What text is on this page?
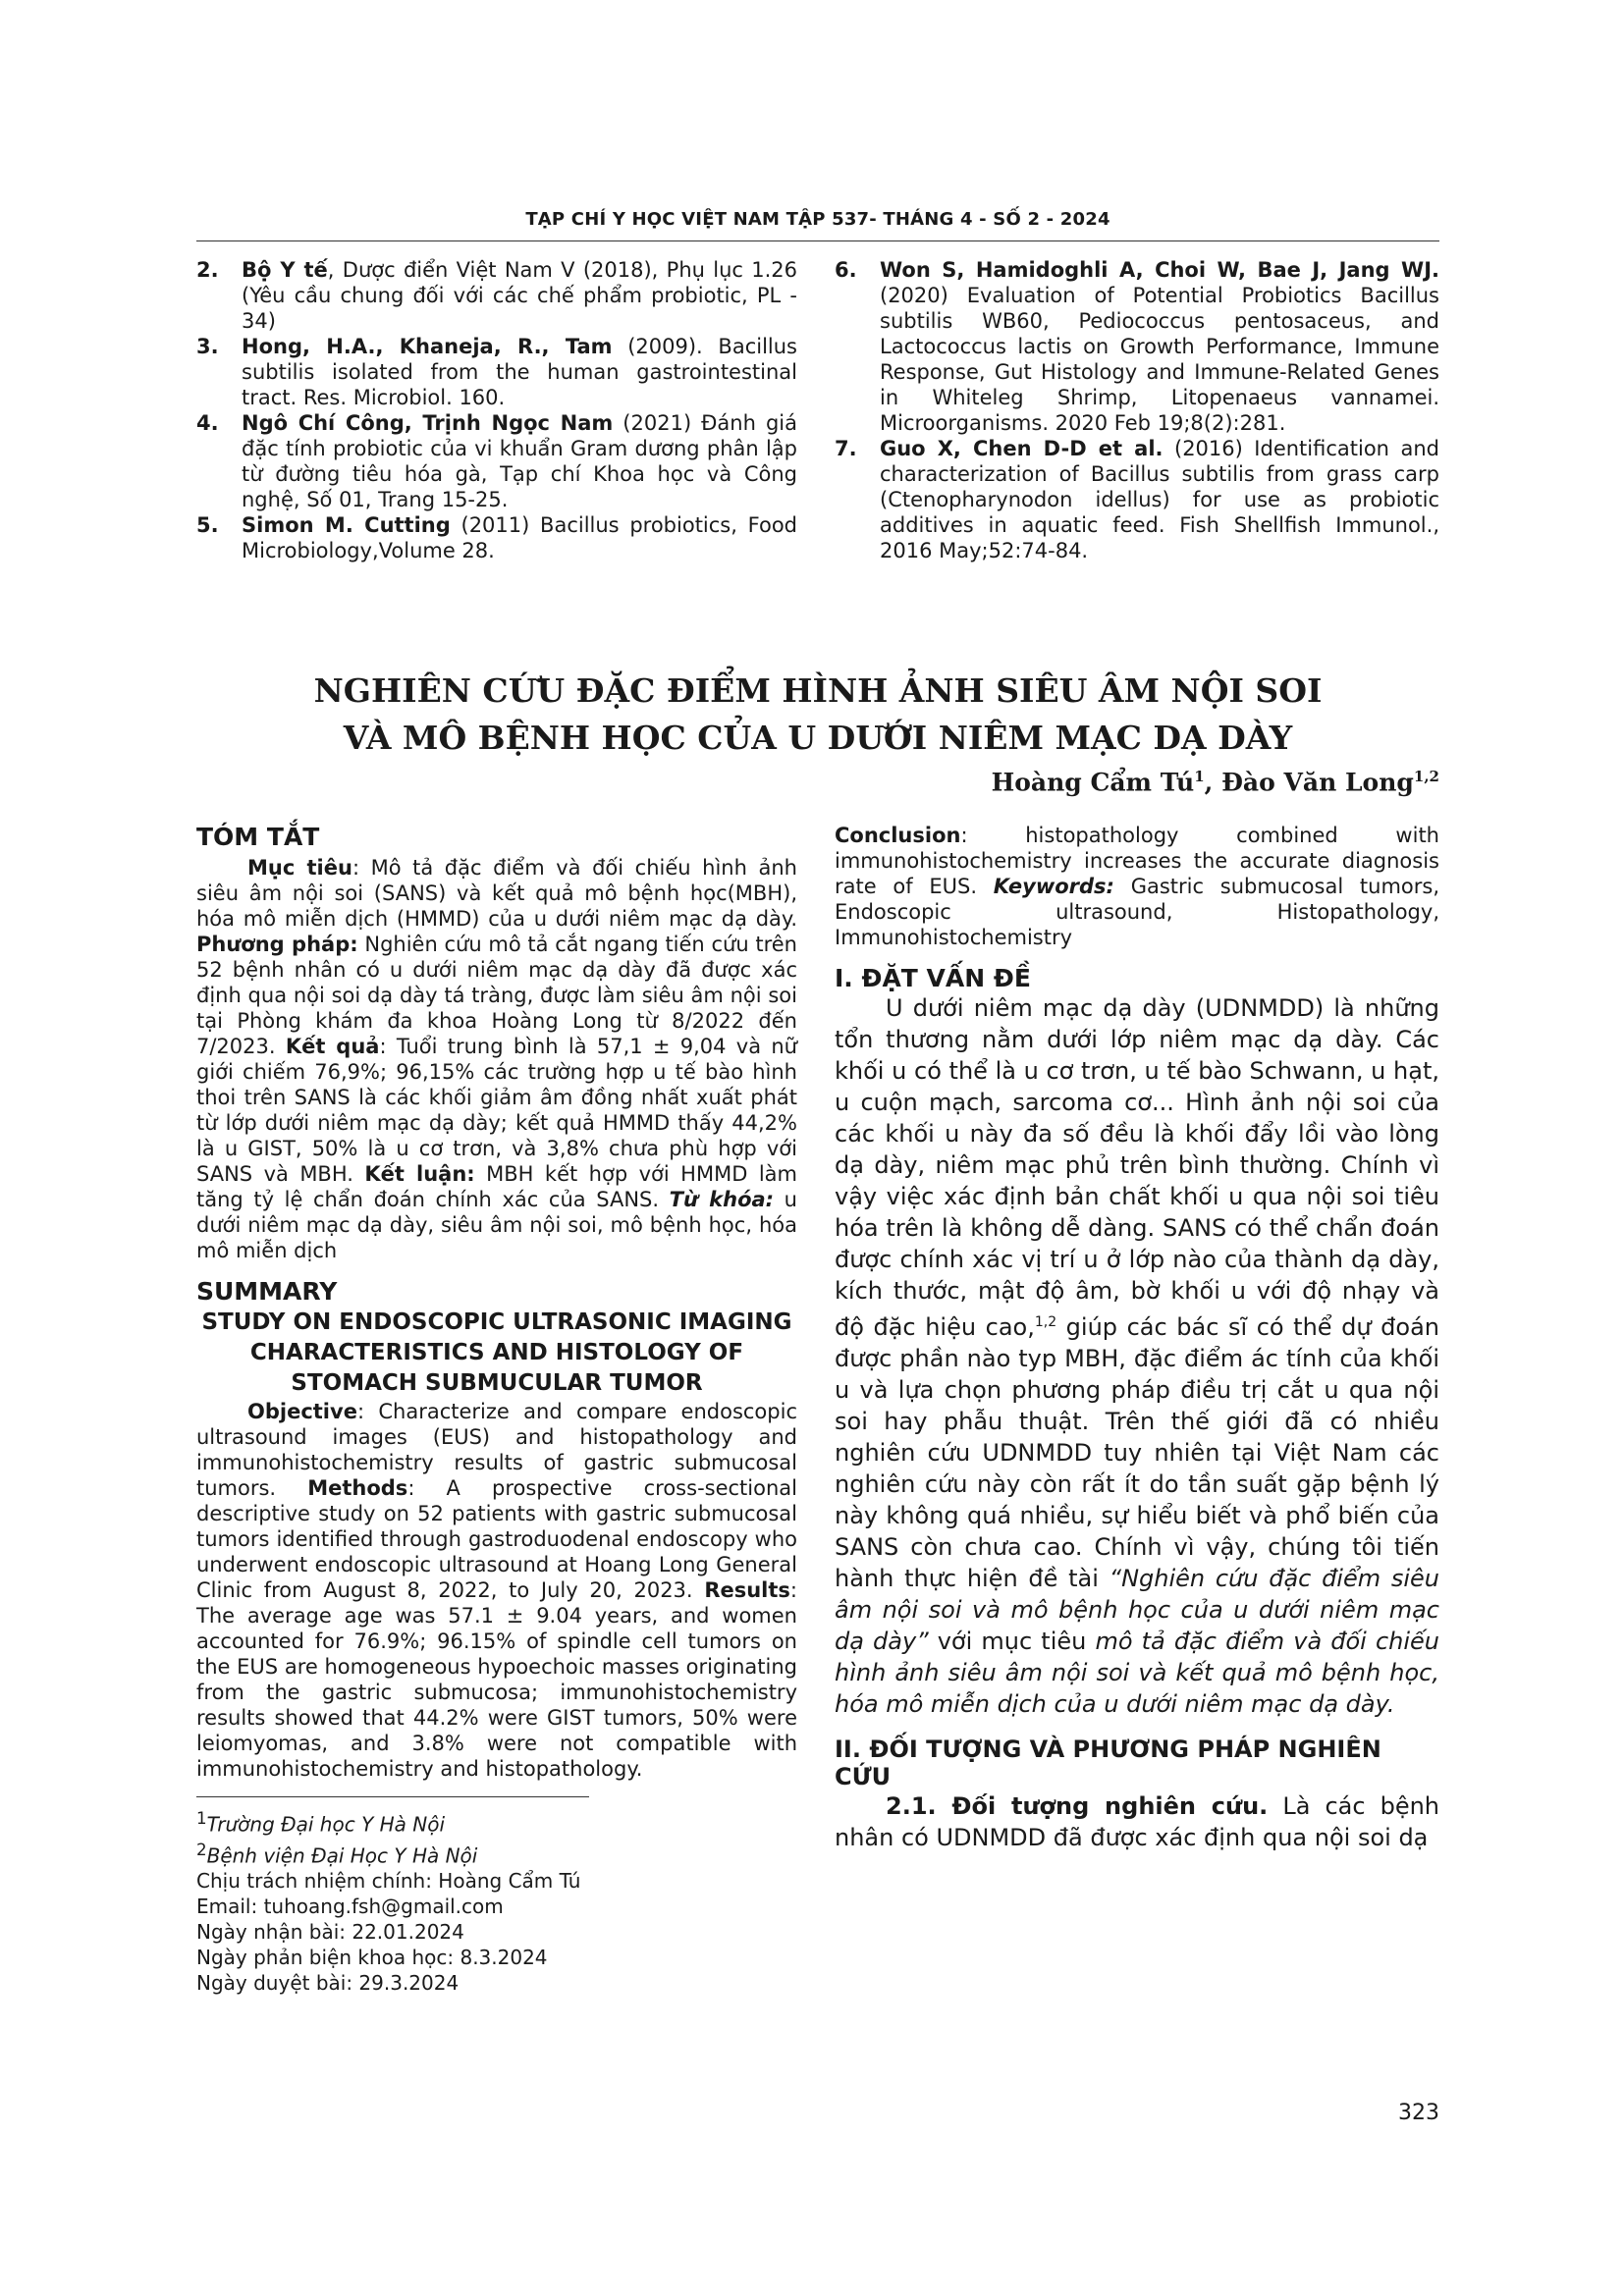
TẠP CHÍ Y HỌC VIỆT NAM TẬP 537- THÁNG 4 - SỐ 2 - 2024

2. Bộ Y tế, Dược điển Việt Nam V (2018), Phụ lục 1.26 (Yêu cầu chung đối với các chế phẩm probiotic, PL - 34)

3. Hong, H.A., Khaneja, R., Tam (2009). Bacillus subtilis isolated from the human gastrointestinal tract. Res. Microbiol. 160.

4. Ngô Chí Công, Trịnh Ngọc Nam (2021) Đánh giá đặc tính probiotic của vi khuẩn Gram dương phân lập từ đường tiêu hóa gà, Tạp chí Khoa học và Công nghệ, Số 01, Trang 15-25.

5. Simon M. Cutting (2011) Bacillus probiotics, Food Microbiology,Volume 28.

6. Won S, Hamidoghli A, Choi W, Bae J, Jang WJ. (2020) Evaluation of Potential Probiotics Bacillus subtilis WB60, Pediococcus pentosaceus, and Lactococcus lactis on Growth Performance, Immune Response, Gut Histology and Immune-Related Genes in Whiteleg Shrimp, Litopenaeus vannamei. Microorganisms. 2020 Feb 19;8(2):281.

7. Guo X, Chen D-D et al. (2016) Identification and characterization of Bacillus subtilis from grass carp (Ctenopharynodon idellus) for use as probiotic additives in aquatic feed. Fish Shellfish Immunol., 2016 May;52:74-84.

NGHIÊN CỨU ĐẶC ĐIỂM HÌNH ẢNH SIÊU ÂM NỘI SOI
VÀ MÔ BỆNH HỌC CỦA U DƯỚI NIÊM MẠC DẠ DÀY
Hoàng Cẩm $Tú^1$, Đào Văn Long$^{1,2}$
TÓM TẮT

Mục tiêu: Mô tả đặc điểm và đối chiếu hình ảnh siêu âm nội soi (SANS) và kết quả mô bệnh học(MBH), hóa mô miễn dịch (HMMD) của u dưới niêm mạc dạ dày. Phương pháp: Nghiên cứu mô tả cắt ngang tiến cứu trên 52 bệnh nhân có u dưới niêm mạc dạ dày đã được xác định qua nội soi dạ dày tá tràng, được làm siêu âm nội soi tại Phòng khám đa khoa Hoàng Long từ 8/2022 đến 7/2023. Kết quả: Tuổi trung bình là 57,1 ± 9,04 và nữ giới chiếm 76,9%; 96,15% các trường hợp u tế bào hình thoi trên SANS là các khối giảm âm đồng nhất xuất phát từ lớp dưới niêm mạc dạ dày; kết quả HMMD thấy 44,2% là u GIST, 50% là u cơ trơn, và 3,8% chưa phù hợp với SANS và MBH. Kết luận: MBH kết hợp với HMMD làm tăng tỷ lệ chẩn đoán chính xác của SANS. Từ khóa: u dưới niêm mạc dạ dày, siêu âm nội soi, mô bệnh học, hóa mô miễn dịch

SUMMARY
STUDY ON ENDOSCOPIC ULTRASONIC IMAGING CHARACTERISTICS AND HISTOLOGY OF STOMACH SUBMUCULAR TUMOR

Objective: Characterize and compare endoscopic ultrasound images (EUS) and histopathology and immunohistochemistry results of gastric submucosal tumors. Methods: A prospective cross-sectional descriptive study on 52 patients with gastric submucosal tumors identified through gastroduodenal endoscopy who underwent endoscopic ultrasound at Hoang Long General Clinic from August 8, 2022, to July 20, 2023. Results: The average age was 57.1 ± 9.04 years, and women accounted for 76.9%; 96.15% of spindle cell tumors on the EUS are homogeneous hypoechoic masses originating from the gastric submucosa; immunohistochemistry results showed that 44.2% were GIST tumors, 50% were leiomyomas, and 3.8% were not compatible with immunohistochemistry and histopathology.

$^1$Trường Đại học Y Hà Nội
$^2$Bệnh viện Đại Học Y Hà Nội
Chịu trách nhiệm chính: Hoàng Cẩm Tú
Email: tuhoang.fsh@gmail.com
Ngày nhận bài: 22.01.2024
Ngày phản biện khoa học: 8.3.2024
Ngày duyệt bài: 29.3.2024

Conclusion: histopathology combined with immunohistochemistry increases the accurate diagnosis rate of EUS. Keywords: Gastric submucosal tumors, Endoscopic ultrasound, Histopathology, Immunohistochemistry

I. ĐẶT VẤN ĐỀ

U dưới niêm mạc dạ dày (UDNMDD) là những tổn thương nằm dưới lớp niêm mạc dạ dày. Các khối u có thể là u cơ trơn, u tế bào Schwann, u hạt, u cuộn mạch, sarcoma cơ... Hình ảnh nội soi của các khối u này đa số đều là khối đẩy lồi vào lòng dạ dày, niêm mạc phủ trên bình thường. Chính vì vậy việc xác định bản chất khối u qua nội soi tiêu hóa trên là không dễ dàng. SANS có thể chẩn đoán được chính xác vị trí u ở lớp nào của thành dạ dày, kích thước, mật độ âm, bờ khối u với độ nhạy và độ đặc hiệu cao,$^{1,2}$ giúp các bác sĩ có thể dự đoán được phần nào typ MBH, đặc điểm ác tính của khối u và lựa chọn phương pháp điều trị cắt u qua nội soi hay phẫu thuật. Trên thế giới đã có nhiều nghiên cứu UDNMDD tuy nhiên tại Việt Nam các nghiên cứu này còn rất ít do tần suất gặp bệnh lý này không quá nhiều, sự hiểu biết và phổ biến của SANS còn chưa cao. Chính vì vậy, chúng tôi tiến hành thực hiện đề tài “Nghiên cứu đặc điểm siêu âm nội soi và mô bệnh học của u dưới niêm mạc dạ dày” với mục tiêu mô tả đặc điểm và đối chiếu hình ảnh siêu âm nội soi và kết quả mô bệnh học, hóa mô miễn dịch của u dưới niêm mạc dạ dày.

II. ĐỐI TƯỢNG VÀ PHƯƠNG PHÁP NGHIÊN CỨU

2.1. Đối tượng nghiên cứu. Là các bệnh nhân có UDNMDD đã được xác định qua nội soi dạ

323
